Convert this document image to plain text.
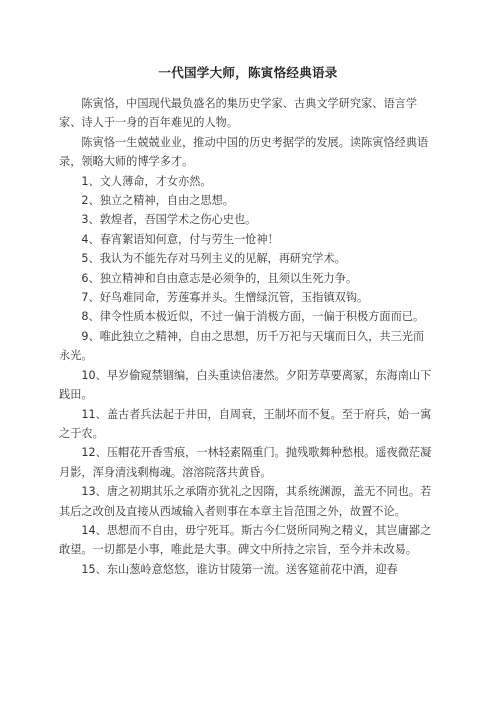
一代国学大师，陈寅恪经典语录

陈寅恪，中国现代最负盛名的集历史学家、古典文学研究家、语言学家、诗人于一身的百年难见的人物。

陈寅恪一生兢兢业业，推动中国的历史考据学的发展。读陈寅恪经典语录，领略大师的博学多才。

1、文人薄命，才女亦然。

2、独立之精神，自由之思想。

3、敦煌者，吾国学术之伤心史也。

4、春宵絮语知何意，付与劳生一怆神！

5、我认为不能先存对马列主义的见解，再研究学术。

6、独立精神和自由意志是必须争的，且须以生死力争。

7、好鸟难同命，芳莲寡并头。生憎绿沉管，玉指镇双钩。

8、律令性质本极近似，不过一偏于消极方面，一偏于积极方面而已。

9、唯此独立之精神，自由之思想，历千万祀与天壤而日久，共三光而永光。

10、早岁偷窥禁锢编，白头重读倍凄然。夕阳芳草要离冢，东海南山下践田。

11、盖古者兵法起于井田，自周衰，王制坏而不复。至于府兵，始一寓之于农。

12、压帽花开香雪痕，一林轻素隔重门。抛残歌舞种愁根。遥夜微茫凝月影，浑身清浅剩梅魂。溶溶院落共黄昏。

13、唐之初期其乐之承隋亦犹礼之因隋，其系统渊源，盖无不同也。若其后之改创及直接从西域输入者则事在本章主旨范围之外，故置不论。

14、思想而不自由，毋宁死耳。斯古今仁贤所同殉之精义，其岂庸鄙之敢望。一切都是小事，唯此是大事。碑文中所持之宗旨，至今并未改易。

15、东山葱岭意悠悠，谁访甘陵第一流。送客筵前花中酒，迎春
